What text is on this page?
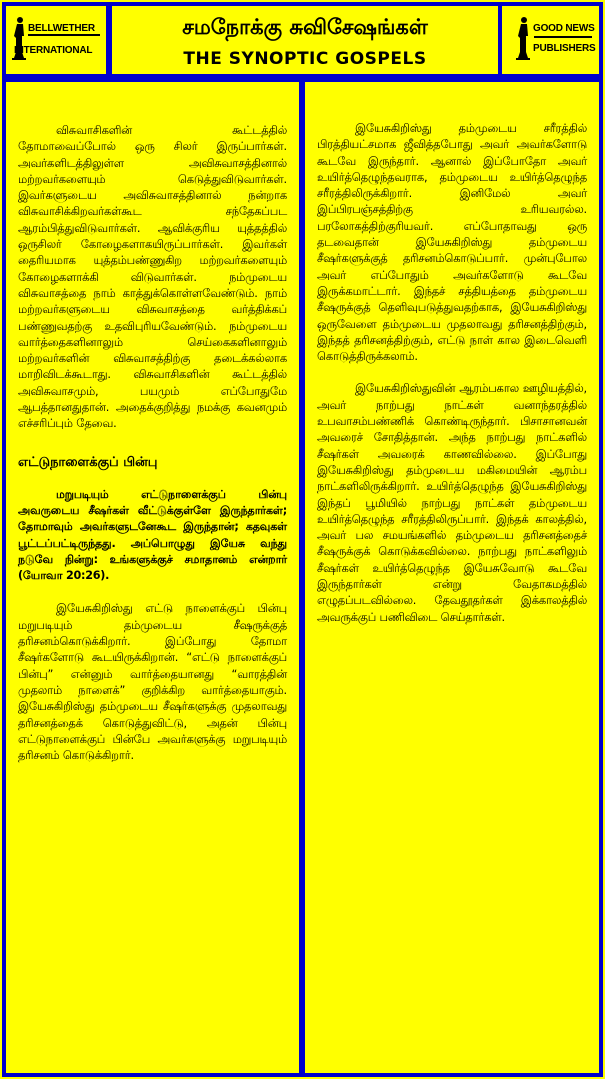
BELLWETHER
INTERNATIONAL
சமநோக்கு சுவிசேஷங்கள்
THE SYNOPTIC GOSPELS
GOOD NEWS
PUBLISHERS

விசுவாசிகளின் கூட்டத்தில் தோமாவைப்போல் ஒரு சிலர் இருப்பார்கள். அவர்களிடத்திலுள்ள அவிசுவாசத்தினால் மற்றவர்களையும் கெடுத்துவிடுவார்கள். இவர்களுடைய அவிசுவாசத்தினால் நன்றாக விசுவாசிக்கிறவர்கள்கூட சந்தேகப்பட ஆரம்பித்துவிடுவார்கள். ஆவிக்குரிய யுத்தத்தில் ஒருசிலர் கோழைகளாகயிருப்பார்கள். இவர்கள் தைரியமாக யுத்தம்பண்ணுகிற மற்றவர்களையும் கோழைகளாக்கி விடுவார்கள். நம்முடைய விசுவாசத்தை நாம் காத்துக்கொள்ளவேண்டும். நாம் மற்றவர்களுடைய விசுவாசத்தை வர்த்திக்கப் பண்ணுவதற்கு உதவிபுரியவேண்டும். நம்முடைய வார்த்தைகளினாலும் செய்கைகளினாலும் மற்றவர்களின் விசுவாசத்திற்கு தடைக்கல்லாக மாறிவிடக்கூடாது. விசுவாசிகளின் கூட்டத்தில் அவிசுவாசமும், பயமும் எப்போதுமே ஆபத்தானதுதான். அதைக்குறித்து நமக்கு கவனமும் எச்சரிப்பும் தேவை.

எட்டுநாளைக்குப் பின்பு

மறுபடியும் எட்டுநாளைக்குப் பின்பு அவருடைய சீஷர்கள் வீட்டுக்குள்ளே இருந்தார்கள்; தோமாவும் அவர்களுடனேகூட இருந்தான்; கதவுகள் பூட்டப்பட்டிருந்தது. அப்பொழுது இயேசு வந்து நடுவே நின்று: உங்களுக்குச் சமாதானம் என்றார் (யோவா 20:26).

இயேசுகிறிஸ்து எட்டு நாளைக்குப் பின்பு மறுபடியும் தம்முடைய சீஷருக்குத் தரிசனம்கொடுக்கிறார். இப்போது தோமா சீஷர்களோடு கூடயிருக்கிறான். “எட்டு நாளைக்குப் பின்பு” என்னும் வார்த்தையானது “வாரத்தின் முதலாம் நாளைக்” குறிக்கிற வார்த்தையாகும். இயேசுகிறிஸ்து தம்முடைய சீஷர்களுக்கு முதலாவது தரிசனத்தைக் கொடுத்துவிட்டு, அதன் பின்பு எட்டுநாளைக்குப் பின்பே அவர்களுக்கு மறுபடியும் தரிசனம் கொடுக்கிறார்.

இயேசுகிறிஸ்து தம்முடைய சரீரத்தில் பிரத்தியட்சமாக ஜீவித்தபோது அவர் அவர்களோடு கூடவே இருந்தார். ஆனால் இப்போதோ அவர் உயிர்த்தெழுந்தவராக, தம்முடைய உயிர்த்தெழுந்த சரீரத்திலிருக்கிறார். இனிமேல் அவர் இப்பிரபஞ்சத்திற்கு உரியவரல்ல. பரலோகத்திற்குரியவர். எப்போதாவது ஒரு தடவைதான் இயேசுகிறிஸ்து தம்முடைய சீஷர்களுக்குத் தரிசனம்கொடுப்பார். முன்புபோல அவர் எப்போதும் அவர்களோடு கூடவே இருக்கமாட்டார். இந்தச் சத்தியத்தை தம்முடைய சீஷருக்குத் தெளிவுபடுத்துவதற்காக, இயேசுகிறிஸ்து ஒருவேளை தம்முடைய முதலாவது தரிசனத்திற்கும், இந்தத் தரிசனத்திற்கும், எட்டு நாள் கால இடைவெளி கொடுத்திருக்கலாம்.

இயேசுகிறிஸ்துவின் ஆரம்பகால ஊழியத்தில், அவர் நாற்பது நாட்கள் வனாந்தரத்தில் உபவாசம்பண்ணிக் கொண்டிருந்தார். பிசாசானவன் அவரைச் சோதித்தான். அந்த நாற்பது நாட்களில் சீஷர்கள் அவரைக் காணவில்லை. இப்போது இயேசுகிறிஸ்து தம்முடைய மகிமையின் ஆரம்ப நாட்களிலிருக்கிறார். உயிர்த்தெழுந்த இயேசுகிறிஸ்து இந்தப் பூமியில் நாற்பது நாட்கள் தம்முடைய உயிர்த்தெழுந்த சரீரத்திலிருப்பார். இந்தக் காலத்தில், அவர் பல சமயங்களில் தம்முடைய தரிசனத்தைச் சீஷருக்குக் கொடுக்கவில்லை. நாற்பது நாட்களிலும் சீஷர்கள் உயிர்த்தெழுந்த இயேசுவோடு கூடவே இருந்தார்கள் என்று வேதாகமத்தில் எழுதப்படவில்லை. தேவதூதர்கள் இக்காலத்தில் அவருக்குப் பணிவிடை செய்தார்கள்.
